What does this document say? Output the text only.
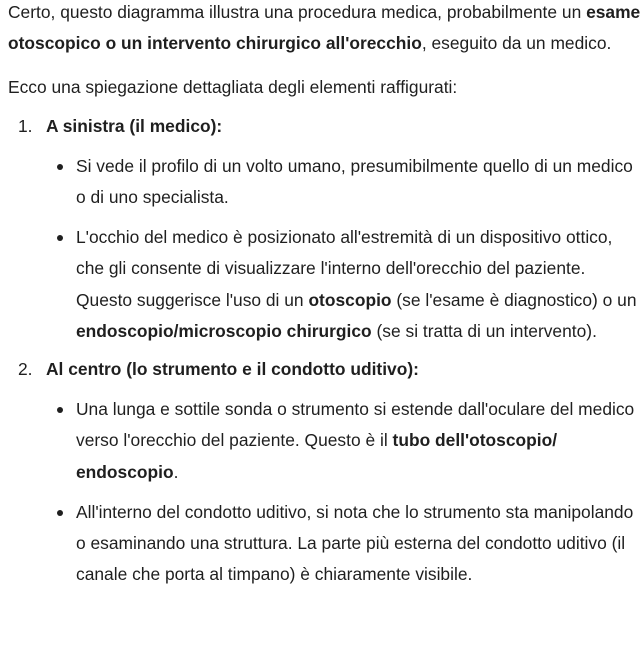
Certo, questo diagramma illustra una procedura medica, probabilmente un esame otoscopico o un intervento chirurgico all'orecchio, eseguito da un medico.

Ecco una spiegazione dettagliata degli elementi raffigurati:

1. A sinistra (il medico):
Si vede il profilo di un volto umano, presumibilmente quello di un medico o di uno specialista.
L'occhio del medico è posizionato all'estremità di un dispositivo ottico, che gli consente di visualizzare l'interno dell'orecchio del paziente. Questo suggerisce l'uso di un otoscopio (se l'esame è diagnostico) o un endoscopio/microscopio chirurgico (se si tratta di un intervento).
2. Al centro (lo strumento e il condotto uditivo):
Una lunga e sottile sonda o strumento si estende dall'oculare del medico verso l'orecchio del paziente. Questo è il tubo dell'otoscopio/ endoscopio.
All'interno del condotto uditivo, si nota che lo strumento sta manipolando o esaminando una struttura. La parte più esterna del condotto uditivo (il canale che porta al timpano) è chiaramente visibile.
